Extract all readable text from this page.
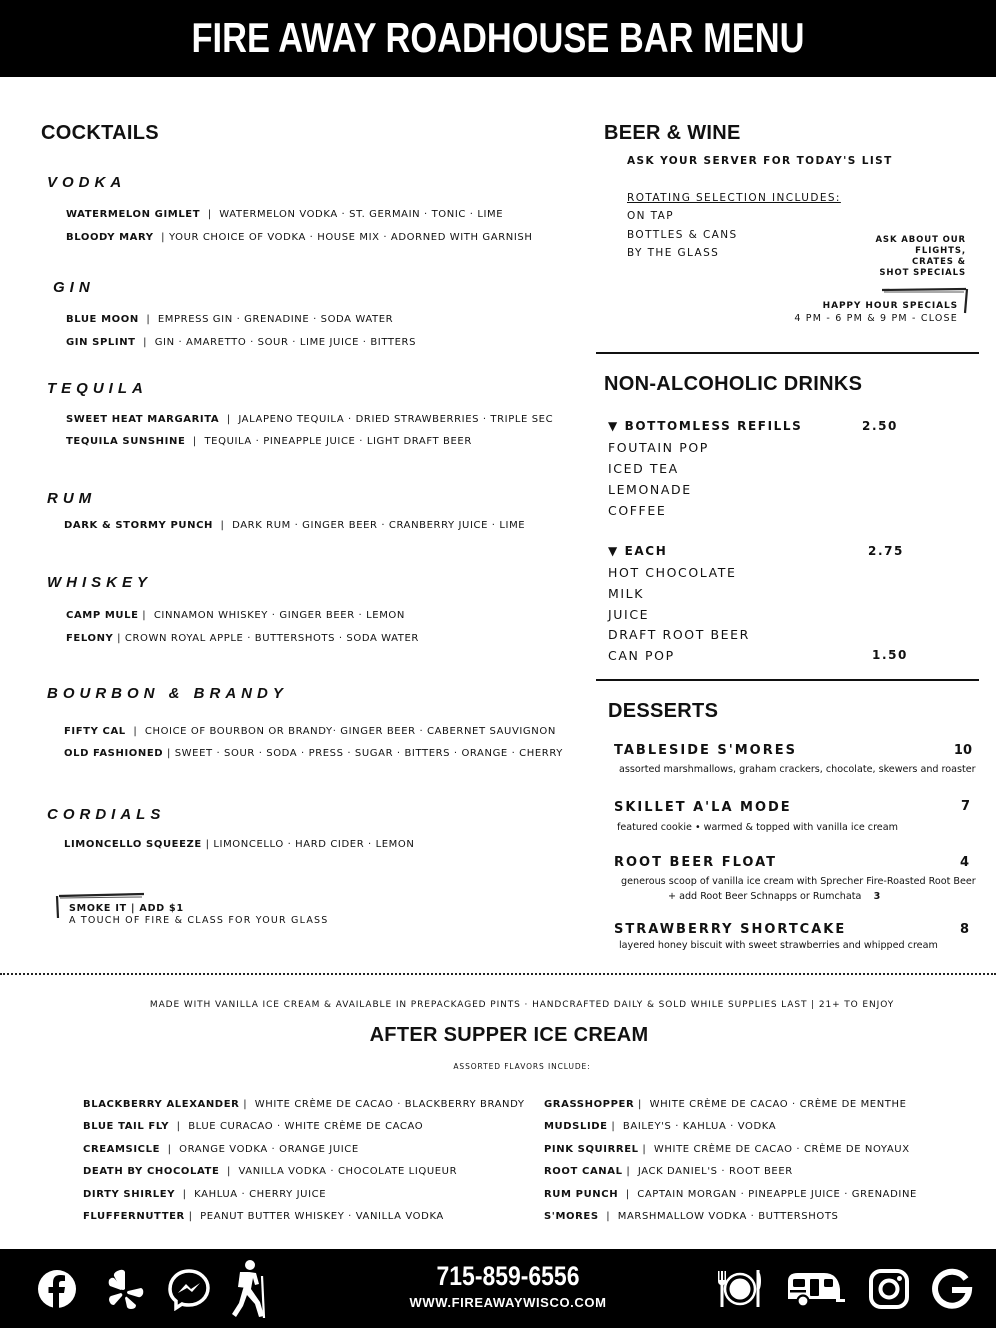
FIRE AWAY ROADHOUSE BAR MENU
COCKTAILS
VODKA
WATERMELON GIMLET  |  WATERMELON VODKA · ST. GERMAIN · TONIC · LIME
BLOODY MARY  | YOUR CHOICE OF VODKA · HOUSE MIX · ADORNED WITH GARNISH
GIN
BLUE MOON  |  EMPRESS GIN · GRENADINE · SODA WATER
GIN SPLINT  |  GIN · AMARETTO · SOUR · LIME JUICE · BITTERS
TEQUILA
SWEET HEAT MARGARITA  |  JALAPENO TEQUILA · DRIED STRAWBERRIES · TRIPLE SEC
TEQUILA SUNSHINE  |  TEQUILA · PINEAPPLE JUICE · LIGHT DRAFT BEER
RUM
DARK & STORMY PUNCH  |  DARK RUM · GINGER BEER · CRANBERRY JUICE · LIME
WHISKEY
CAMP MULE |  CINNAMON WHISKEY · GINGER BEER · LEMON
FELONY | CROWN ROYAL APPLE · BUTTERSHOTS · SODA WATER
BOURBON & BRANDY
FIFTY CAL  |  CHOICE OF BOURBON OR BRANDY· GINGER BEER · CABERNET SAUVIGNON
OLD FASHIONED | SWEET · SOUR · SODA · PRESS · SUGAR · BITTERS · ORANGE · CHERRY
CORDIALS
LIMONCELLO SQUEEZE | LIMONCELLO · HARD CIDER · LEMON
SMOKE IT | ADD $1
A TOUCH OF FIRE & CLASS FOR YOUR GLASS
BEER & WINE
ASK YOUR SERVER FOR TODAY'S LIST
ROTATING SELECTION INCLUDES:
ON TAP
BOTTLES & CANS
BY THE GLASS
ASK ABOUT OUR
FLIGHTS,
CRATES &
SHOT SPECIALS
HAPPY HOUR SPECIALS
4 PM - 6 PM & 9 PM - CLOSE
NON-ALCOHOLIC DRINKS
▼ BOTTOMLESS REFILLS	2.50
FOUTAIN POP
ICED TEA
LEMONADE
COFFEE
▼ EACH	2.75
HOT CHOCOLATE
MILK
JUICE
DRAFT ROOT BEER
CAN POP	1.50
DESSERTS
TABLESIDE S'MORES	10
assorted marshmallows, graham crackers, chocolate, skewers and roaster
SKILLET A'LA MODE	7
featured cookie • warmed & topped with vanilla ice cream
ROOT BEER FLOAT	4
generous scoop of vanilla ice cream with Sprecher Fire-Roasted Root Beer
+ add Root Beer Schnapps or Rumchata 3
STRAWBERRY SHORTCAKE	8
layered honey biscuit with sweet strawberries and whipped cream
MADE WITH VANILLA ICE CREAM & AVAILABLE IN PREPACKAGED PINTS · HANDCRAFTED DAILY & SOLD WHILE SUPPLIES LAST | 21+ TO ENJOY
AFTER SUPPER ICE CREAM
ASSORTED FLAVORS INCLUDE:
BLACKBERRY ALEXANDER |  WHITE CRÈME DE CACAO · BLACKBERRY BRANDY
BLUE TAIL FLY  |  BLUE CURACAO · WHITE CRÈME DE CACAO
CREAMSICLE  |  ORANGE VODKA · ORANGE JUICE
DEATH BY CHOCOLATE  |  VANILLA VODKA · CHOCOLATE LIQUEUR
DIRTY SHIRLEY  |  KAHLUA · CHERRY JUICE
FLUFFERNUTTER |  PEANUT BUTTER WHISKEY · VANILLA VODKA
GRASSHOPPER |  WHITE CRÈME DE CACAO · CRÈME DE MENTHE
MUDSLIDE |  BAILEY'S · KAHLUA · VODKA
PINK SQUIRREL |  WHITE CRÈME DE CACAO · CRÈME DE NOYAUX
ROOT CANAL |  JACK DANIEL'S · ROOT BEER
RUM PUNCH  |  CAPTAIN MORGAN · PINEAPPLE JUICE · GRENADINE
S'MORES  |  MARSHMALLOW VODKA · BUTTERSHOTS
715-859-6556
WWW.FIREAWAYWISCO.COM
